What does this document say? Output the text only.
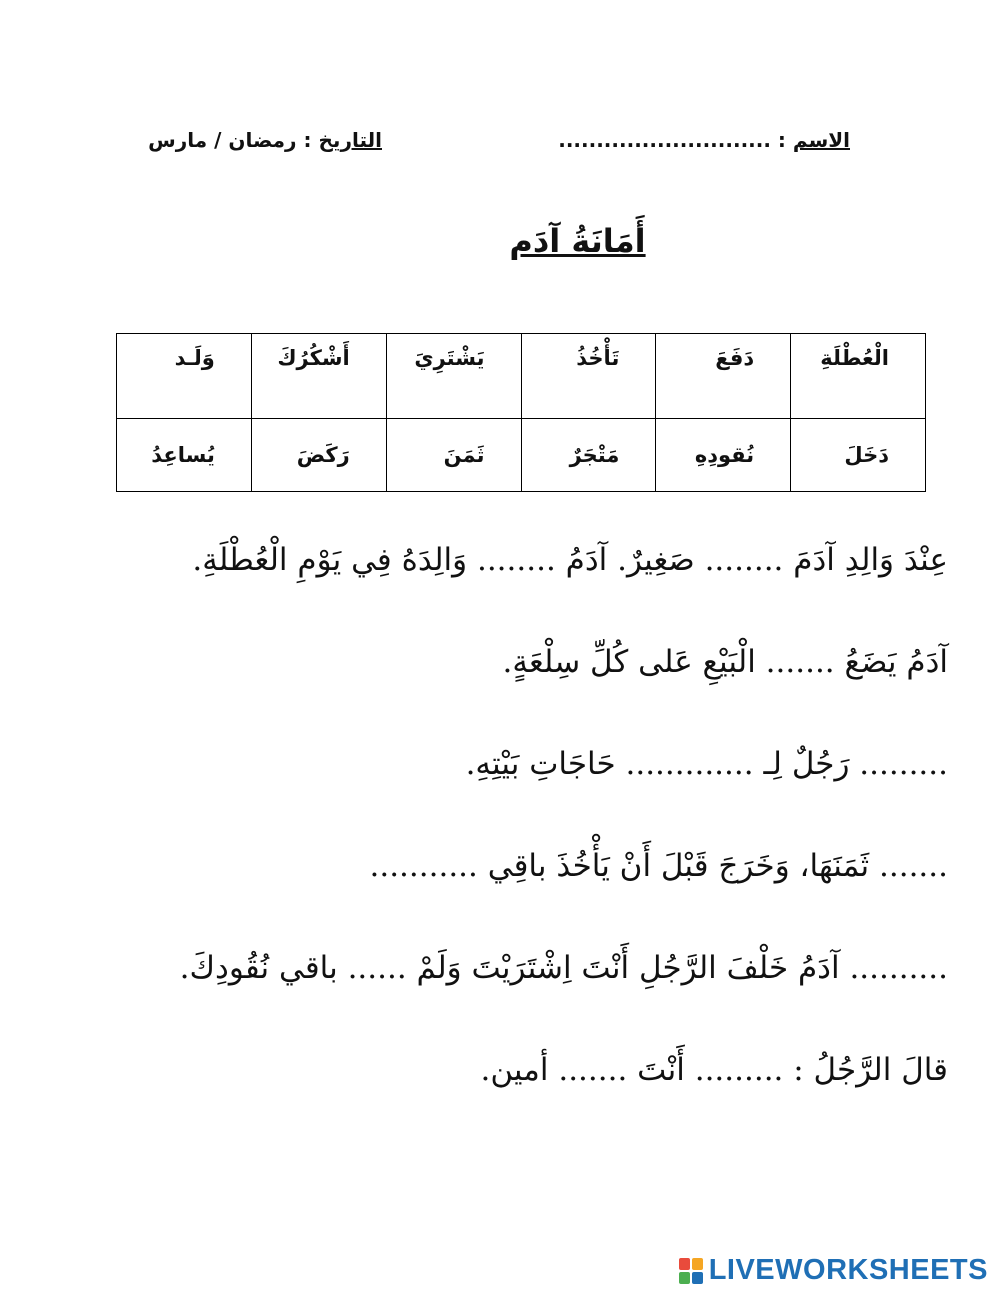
الاسم : ............................
التاريخ : رمضان / مارس
أَمَانَةُ آدَم
الْعُطْلَةِ	دَفَعَ	تَأْخُذُ	يَشْتَرِيَ	أَشْكُرُكَ	وَلَـد
دَخَلَ	نُقودِهِ	مَتْجَرٌ	ثَمَنَ	رَكَضَ	يُساعِدُ
عِنْدَ وَالِدِ آدَمَ ........ صَغِيرٌ. آدَمُ ........ وَالِدَهُ فِي يَوْمِ الْعُطْلَةِ.
آدَمُ يَضَعُ ....... الْبَيْعِ عَلى كُلِّ سِلْعَةٍ.
......... رَجُلٌ لِـ ............. حَاجَاتِ بَيْتِهِ.
....... ثَمَنَهَا، وَخَرَجَ قَبْلَ أَنْ يَأْخُذَ باقِي ...........
.......... آدَمُ خَلْفَ الرَّجُلِ أَنْتَ اِشْتَرَيْتَ وَلَمْ ...... باقي نُقُودِكَ.
قالَ الرَّجُلُ : ......... أَنْتَ ....... أمين.
LIVEWORKSHEETS
